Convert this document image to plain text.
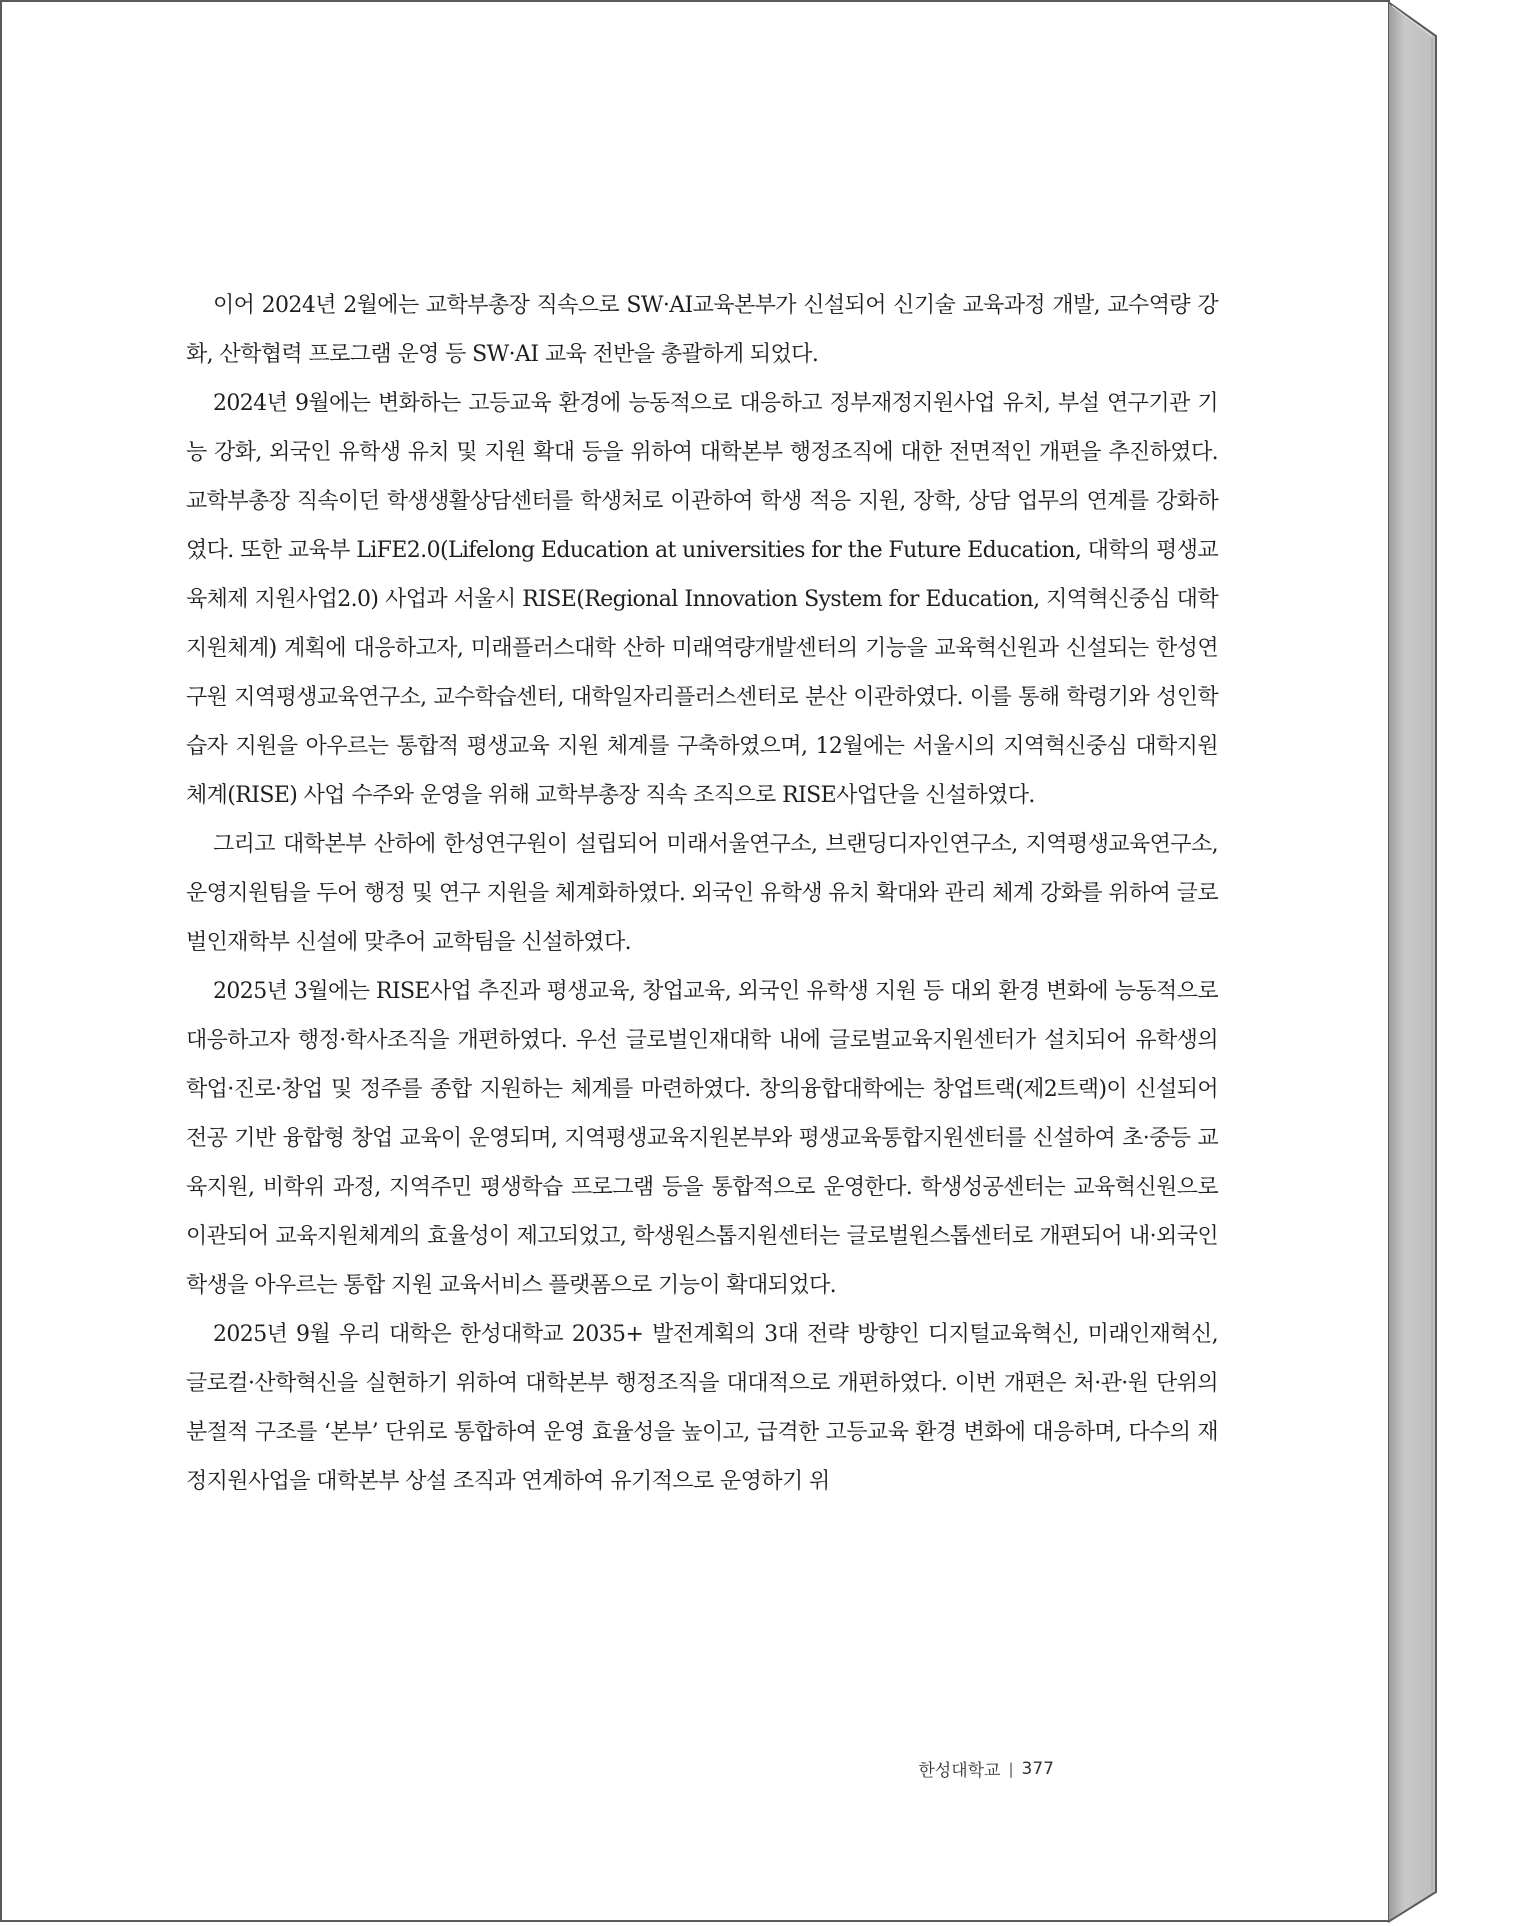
이어 2024년 2월에는 교학부총장 직속으로 SW·AI교육본부가 신설되어 신기술 교육과정 개발, 교수역량 강화, 산학협력 프로그램 운영 등 SW·AI 교육 전반을 총괄하게 되었다.

2024년 9월에는 변화하는 고등교육 환경에 능동적으로 대응하고 정부재정지원사업 유치, 부설 연구기관 기능 강화, 외국인 유학생 유치 및 지원 확대 등을 위하여 대학본부 행정조직에 대한 전면적인 개편을 추진하였다. 교학부총장 직속이던 학생생활상담센터를 학생처로 이관하여 학생 적응 지원, 장학, 상담 업무의 연계를 강화하였다. 또한 교육부 LiFE2.0(Lifelong Education at universities for the Future Education, 대학의 평생교육체제 지원사업2.0) 사업과 서울시 RISE(Regional Innovation System for Education, 지역혁신중심 대학지원체계) 계획에 대응하고자, 미래플러스대학 산하 미래역량개발센터의 기능을 교육혁신원과 신설되는 한성연구원 지역평생교육연구소, 교수학습센터, 대학일자리플러스센터로 분산 이관하였다. 이를 통해 학령기와 성인학습자 지원을 아우르는 통합적 평생교육 지원 체계를 구축하였으며, 12월에는 서울시의 지역혁신중심 대학지원체계(RISE) 사업 수주와 운영을 위해 교학부총장 직속 조직으로 RISE사업단을 신설하였다.

그리고 대학본부 산하에 한성연구원이 설립되어 미래서울연구소, 브랜딩디자인연구소, 지역평생교육연구소, 운영지원팀을 두어 행정 및 연구 지원을 체계화하였다. 외국인 유학생 유치 확대와 관리 체계 강화를 위하여 글로벌인재학부 신설에 맞추어 교학팀을 신설하였다.

2025년 3월에는 RISE사업 추진과 평생교육, 창업교육, 외국인 유학생 지원 등 대외 환경 변화에 능동적으로 대응하고자 행정·학사조직을 개편하였다. 우선 글로벌인재대학 내에 글로벌교육지원센터가 설치되어 유학생의 학업·진로·창업 및 정주를 종합 지원하는 체계를 마련하였다. 창의융합대학에는 창업트랙(제2트랙)이 신설되어 전공 기반 융합형 창업 교육이 운영되며, 지역평생교육지원본부와 평생교육통합지원센터를 신설하여 초·중등 교육지원, 비학위 과정, 지역주민 평생학습 프로그램 등을 통합적으로 운영한다. 학생성공센터는 교육혁신원으로 이관되어 교육지원체계의 효율성이 제고되었고, 학생원스톱지원센터는 글로벌원스톱센터로 개편되어 내·외국인 학생을 아우르는 통합 지원 교육서비스 플랫폼으로 기능이 확대되었다.

2025년 9월 우리 대학은 한성대학교 2035+ 발전계획의 3대 전략 방향인 디지털교육혁신, 미래인재혁신, 글로컬·산학혁신을 실현하기 위하여 대학본부 행정조직을 대대적으로 개편하였다. 이번 개편은 처·관·원 단위의 분절적 구조를 ‘본부’ 단위로 통합하여 운영 효율성을 높이고, 급격한 고등교육 환경 변화에 대응하며, 다수의 재정지원사업을 대학본부 상설 조직과 연계하여 유기적으로 운영하기 위

한성대학교 | 377
